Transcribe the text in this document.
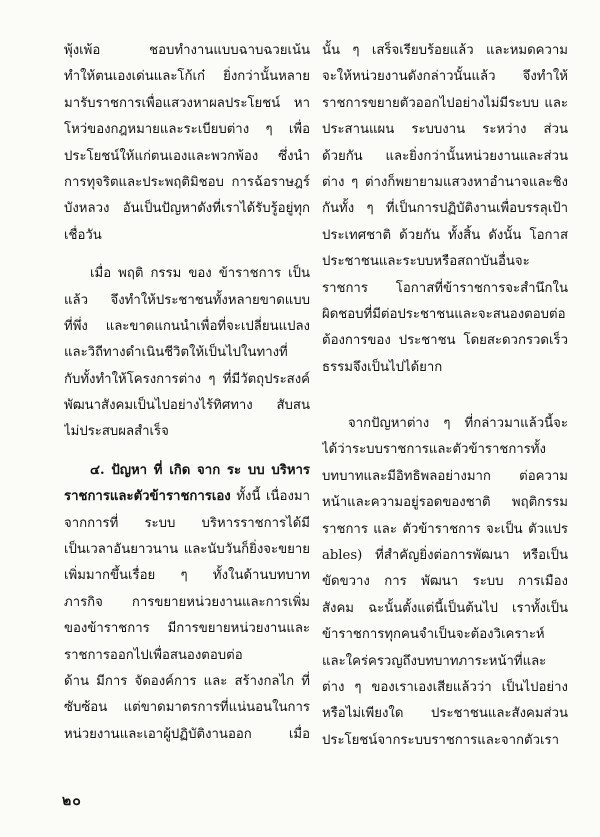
พุ้งเพ้อ ชอบทำงานแบบฉาบฉวยเน้น
ทำให้ตนเองเด่นและโก้เก๋ ยิ่งกว่านั้นหลาย
มารับราชการเพื่อแสวงหาผลประโยชน์ หา
โหว่ของกฎหมายและระเบียบต่าง ๆ เพื่อ
ประโยชน์ให้แก่ตนเองและพวกพ้อง ซึ่งนำ
การทุจริตและประพฤติมิชอบ การฉ้อราษฎร์
บังหลวง อันเป็นปัญหาดังที่เราได้รับรู้อยู่ทุก
เชื่อวัน
เมื่อ พฤติ กรรม ของ ข้าราชการ เป็น
แล้ว จึงทำให้ประชาชนทั้งหลายขาดแบบ
ที่พึ่ง และขาดแกนนำเพื่อที่จะเปลี่ยนแปลง
และวิถีทางดำเนินชีวิตให้เป็นไปในทางที่
กับทั้งทำให้โครงการต่าง ๆ ที่มีวัตถุประสงค์
พัฒนาสังคมเป็นไปอย่างไร้ทิศทาง สับสน
ไม่ประสบผลสำเร็จ
๔. ปัญหา ที่ เกิด จาก ระ บบ บริหาร
ราชการและตัวข้าราชการเอง ทั้งนี้ เนื่องมา
จากการที่ ระบบ บริหารราชการได้มี
เป็นเวลาอันยาวนาน และนับวันก็ยิ่งจะขยาย
เพิ่มมากขึ้นเรื่อย ๆ ทั้งในด้านบทบาท
ภารกิจ การขยายหน่วยงานและการเพิ่ม
ของข้าราชการ มีการขยายหน่วยงานและ
ราชการออกไปเพื่อสนองตอบต่อ
ด้าน มีการ จัดองค์การ และ สร้างกลไก ที่
ซับซ้อน แต่ขาดมาตรการที่แน่นอนในการ
หน่วยงานและเอาผู้ปฏิบัติงานออก เมื่อ
นั้น ๆ เสร็จเรียบร้อยแล้ว และหมดความ
จะให้หน่วยงานดังกล่าวนั้นแล้ว จึงทำให้
ราชการขยายตัวออกไปอย่างไม่มีระบบ และ
ประสานแผน ระบบงาน ระหว่าง ส่วน
ด้วยกัน และยิ่งกว่านั้นหน่วยงานและส่วน
ต่าง ๆ ต่างก็พยายามแสวงหาอำนาจและชิง
กันทั้ง ๆ ที่เป็นการปฏิบัติงานเพื่อบรรลุเป้า
ประเทศชาติ ด้วยกัน ทั้งสิ้น ดังนั้น โอกาส
ประชาชนและระบบหรือสถาบันอื่นจะ
ราชการ โอกาสที่ข้าราชการจะสำนึกใน
ผิดชอบที่มีต่อประชาชนและจะสนองตอบต่อ
ต้องการของ ประชาชน โดยสะดวกรวดเร็ว
ธรรมจึงเป็นไปได้ยาก
จากปัญหาต่าง ๆ ที่กล่าวมาแล้วนี้จะ
ได้ว่าระบบราชการและตัวข้าราชการทั้ง
บทบาทและมีอิทธิพลอย่างมาก ต่อความ
หน้าและความอยู่รอดของชาติ พฤติกรรม
ราชการ และ ตัวข้าราชการ จะเป็น ตัวแปร
ables) ที่สำคัญยิ่งต่อการพัฒนา หรือเป็น
ขัดขวาง การ พัฒนา ระบบ การเมือง
สังคม ฉะนั้นตั้งแต่นี้เป็นต้นไป เราทั้งเป็น
ข้าราชการทุกคนจำเป็นจะต้องวิเคราะห์
และใคร่ครวญถึงบทบาทภาระหน้าที่และ
ต่าง ๆ ของเราเองเสียแล้วว่า เป็นไปอย่าง
หรือไม่เพียงใด ประชาชนและสังคมส่วน
ประโยชน์จากระบบราชการและจากตัวเรา
๒๐
